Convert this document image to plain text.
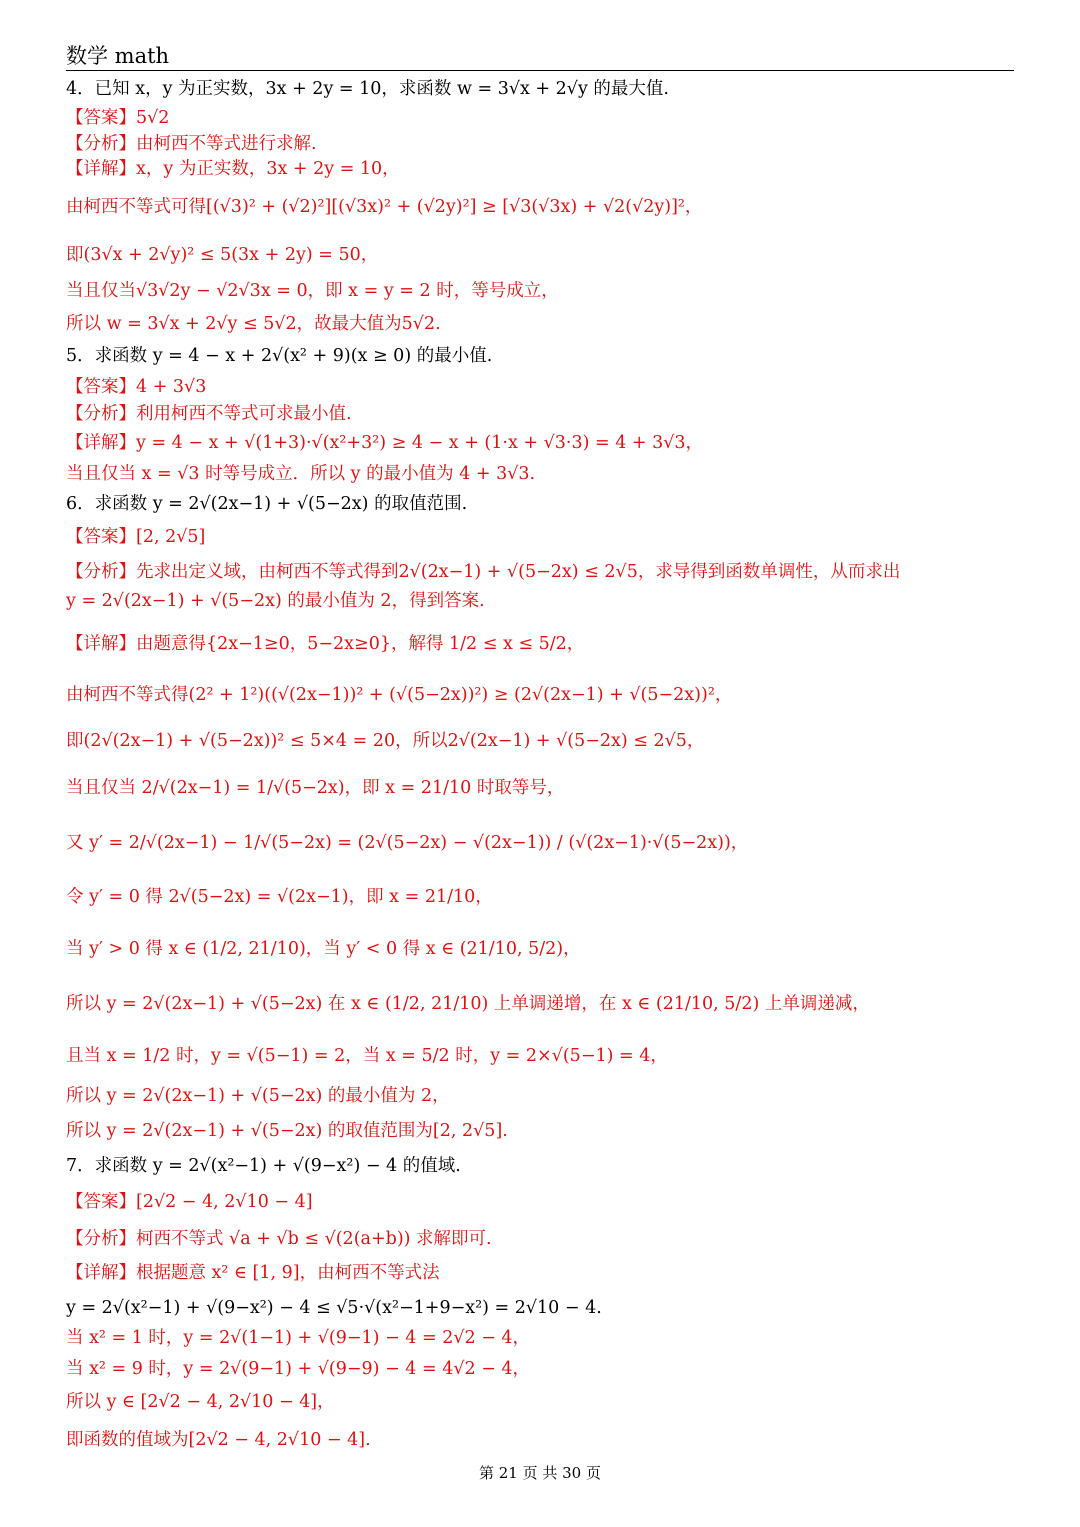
数学 math
4．已知 x，y 为正实数，3x + 2y = 10，求函数 w = 3√x + 2√y 的最大值.
【答案】5√2
【分析】由柯西不等式进行求解.
【详解】x，y 为正实数，3x + 2y = 10，
由柯西不等式可得[(√3)² + (√2)²][(√3x)² + (√2y)²] ≥ [√3(√3x) + √2(√2y)]²，
即(3√x + 2√y)² ≤ 5(3x + 2y) = 50，
当且仅当√3√2y − √2√3x = 0，即 x = y = 2 时，等号成立，
所以 w = 3√x + 2√y ≤ 5√2，故最大值为5√2.
5．求函数 y = 4 − x + 2√(x² + 9)(x ≥ 0) 的最小值.
【答案】4 + 3√3
【分析】利用柯西不等式可求最小值.
【详解】y = 4 − x + √(1+3)·√(x²+3²) ≥ 4 − x + (1·x + √3·3) = 4 + 3√3，
当且仅当 x = √3 时等号成立．所以 y 的最小值为 4 + 3√3.
6．求函数 y = 2√(2x−1) + √(5−2x) 的取值范围.
【答案】[2, 2√5]
【分析】先求出定义域，由柯西不等式得到2√(2x−1) + √(5−2x) ≤ 2√5，求导得到函数单调性，从而求出
y = 2√(2x−1) + √(5−2x) 的最小值为 2，得到答案.
【详解】由题意得{2x−1≥0，5−2x≥0}，解得 1/2 ≤ x ≤ 5/2，
由柯西不等式得(2² + 1²)((√(2x−1))² + (√(5−2x))²) ≥ (2√(2x−1) + √(5−2x))²，
即(2√(2x−1) + √(5−2x))² ≤ 5×4 = 20，所以2√(2x−1) + √(5−2x) ≤ 2√5，
当且仅当 2/√(2x−1) = 1/√(5−2x)，即 x = 21/10 时取等号，
又 y′ = 2/√(2x−1) − 1/√(5−2x) = (2√(5−2x) − √(2x−1)) / (√(2x−1)·√(5−2x))，
令 y′ = 0 得 2√(5−2x) = √(2x−1)，即 x = 21/10，
当 y′ > 0 得 x ∈ (1/2, 21/10)，当 y′ < 0 得 x ∈ (21/10, 5/2)，
所以 y = 2√(2x−1) + √(5−2x) 在 x ∈ (1/2, 21/10) 上单调递增，在 x ∈ (21/10, 5/2) 上单调递减，
且当 x = 1/2 时，y = √(5−1) = 2，当 x = 5/2 时，y = 2×√(5−1) = 4，
所以 y = 2√(2x−1) + √(5−2x) 的最小值为 2，
所以 y = 2√(2x−1) + √(5−2x) 的取值范围为[2, 2√5].
7．求函数 y = 2√(x²−1) + √(9−x²) − 4 的值域.
【答案】[2√2 − 4, 2√10 − 4]
【分析】柯西不等式 √a + √b ≤ √(2(a+b)) 求解即可.
【详解】根据题意 x² ∈ [1, 9]，由柯西不等式法
y = 2√(x²−1) + √(9−x²) − 4 ≤ √5·√(x²−1+9−x²) = 2√10 − 4.
当 x² = 1 时，y = 2√(1−1) + √(9−1) − 4 = 2√2 − 4，
当 x² = 9 时，y = 2√(9−1) + √(9−9) − 4 = 4√2 − 4，
所以 y ∈ [2√2 − 4, 2√10 − 4]，
即函数的值域为[2√2 − 4, 2√10 − 4].
第 21 页 共 30 页
